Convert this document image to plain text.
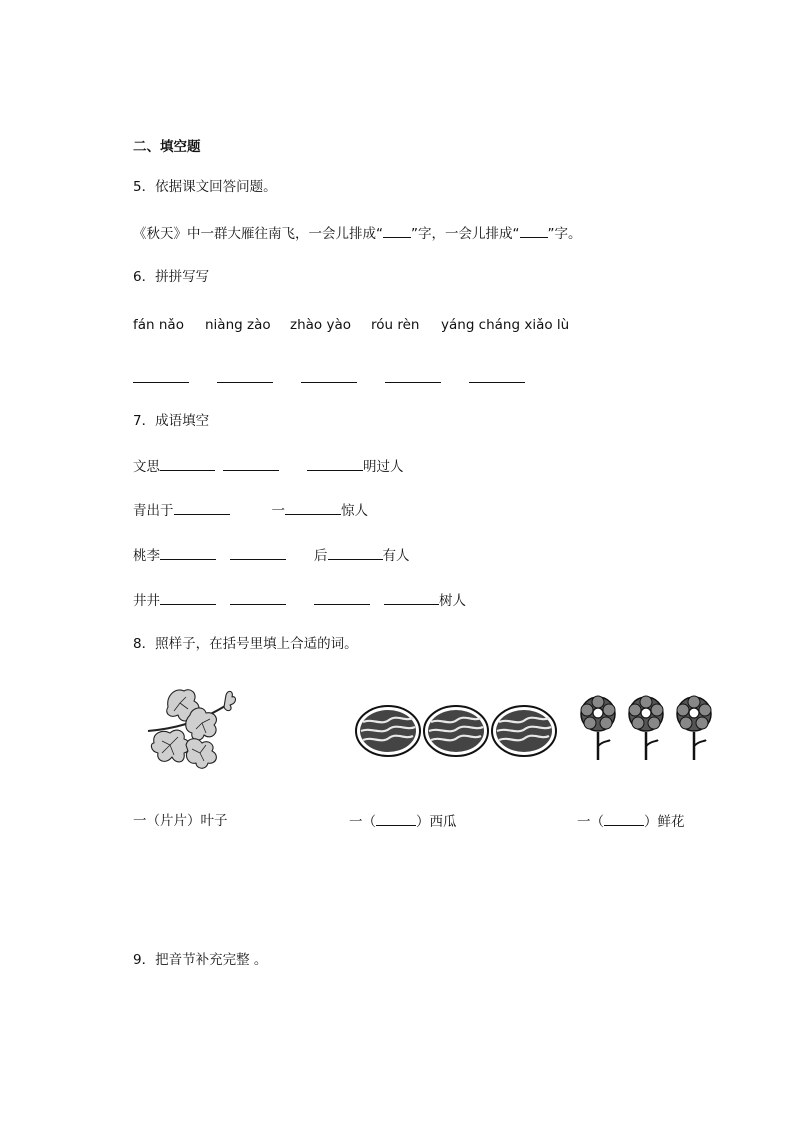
二、填空题
5．依据课文回答问题。
《秋天》中一群大雁往南飞，一会儿排成“ ”字，一会儿排成“ ”字。
6．拼拼写写
fán nǎo niàng zào zhào yào róu rèn yáng cháng xiǎo lù
7．成语填空
文思	明过人
青出于	一	惊人
桃李	后	有人
井井	树人
8．照样子，在括号里填上合适的词。
一（片片）叶子	一（	）西瓜	一（	）鲜花
9．把音节补充完整 。
